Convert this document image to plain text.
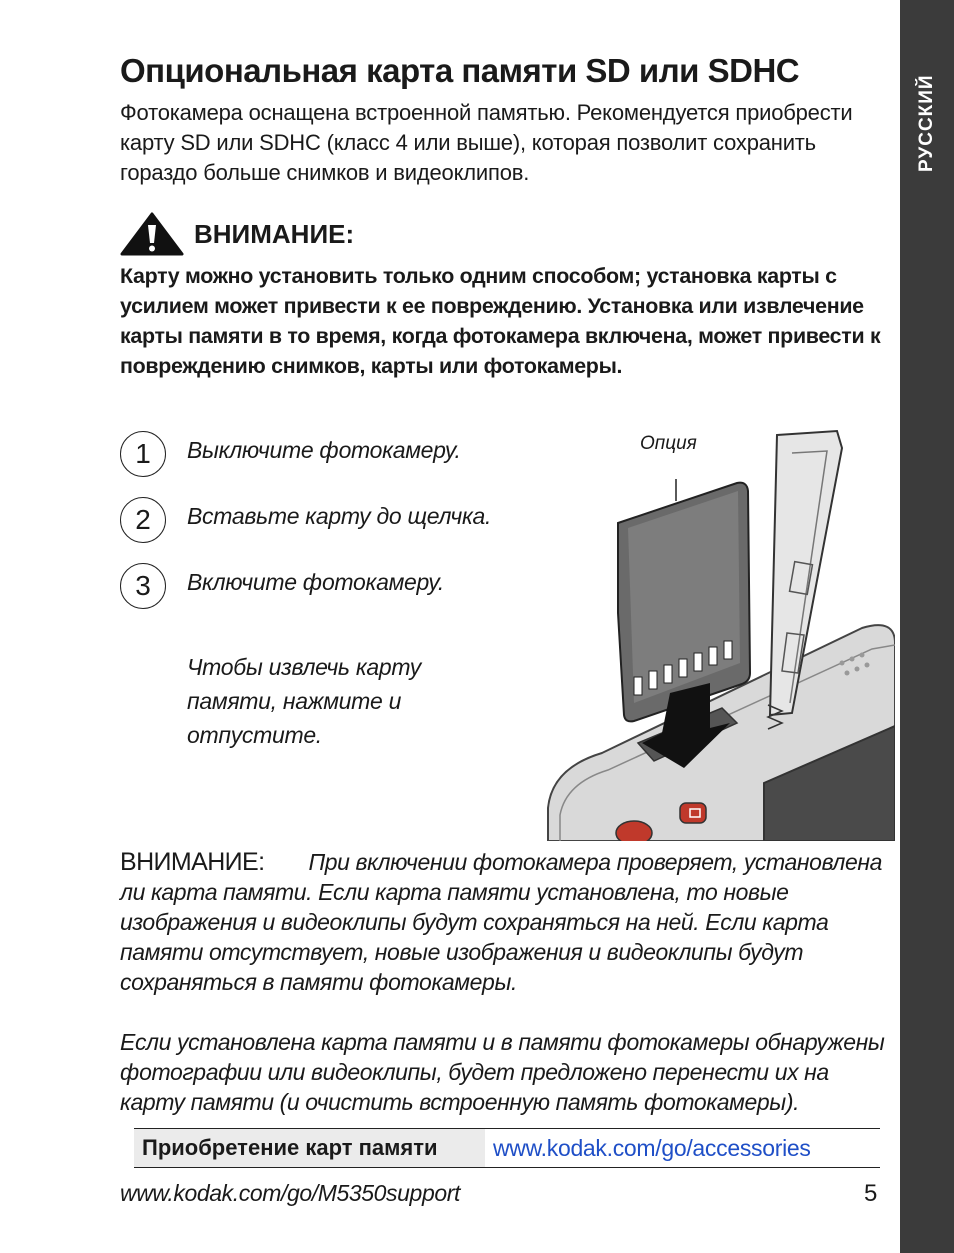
РУССКИЙ
Опциональная карта памяти SD или SDHC
Фотокамера оснащена встроенной памятью. Рекомендуется приобрести карту SD или SDHC (класс 4 или выше), которая позволит сохранить гораздо больше снимков и видеоклипов.
ВНИМАНИЕ:
Карту можно установить только одним способом; установка карты с усилием может привести к ее повреждению. Установка или извлечение карты памяти в то время, когда фотокамера включена, может привести к повреждению снимков, карты или фотокамеры.
1	Выключите фотокамеру.
2	Вставьте карту до щелчка.
3	Включите фотокамеру.
Чтобы извлечь карту памяти, нажмите и отпустите.
Опция

ВНИМАНИЕ: При включении фотокамера проверяет, установлена ли карта памяти. Если карта памяти установлена, то новые изображения и видеоклипы будут сохраняться на ней. Если карта памяти отсутствует, новые изображения и видеоклипы будут сохраняться в памяти фотокамеры.

Если установлена карта памяти и в памяти фотокамеры обнаружены фотографии или видеоклипы, будет предложено перенести их на карту памяти (и очистить встроенную память фотокамеры).

Приобретение карт памяти	www.kodak.com/go/accessories
www.kodak.com/go/M5350support	5
